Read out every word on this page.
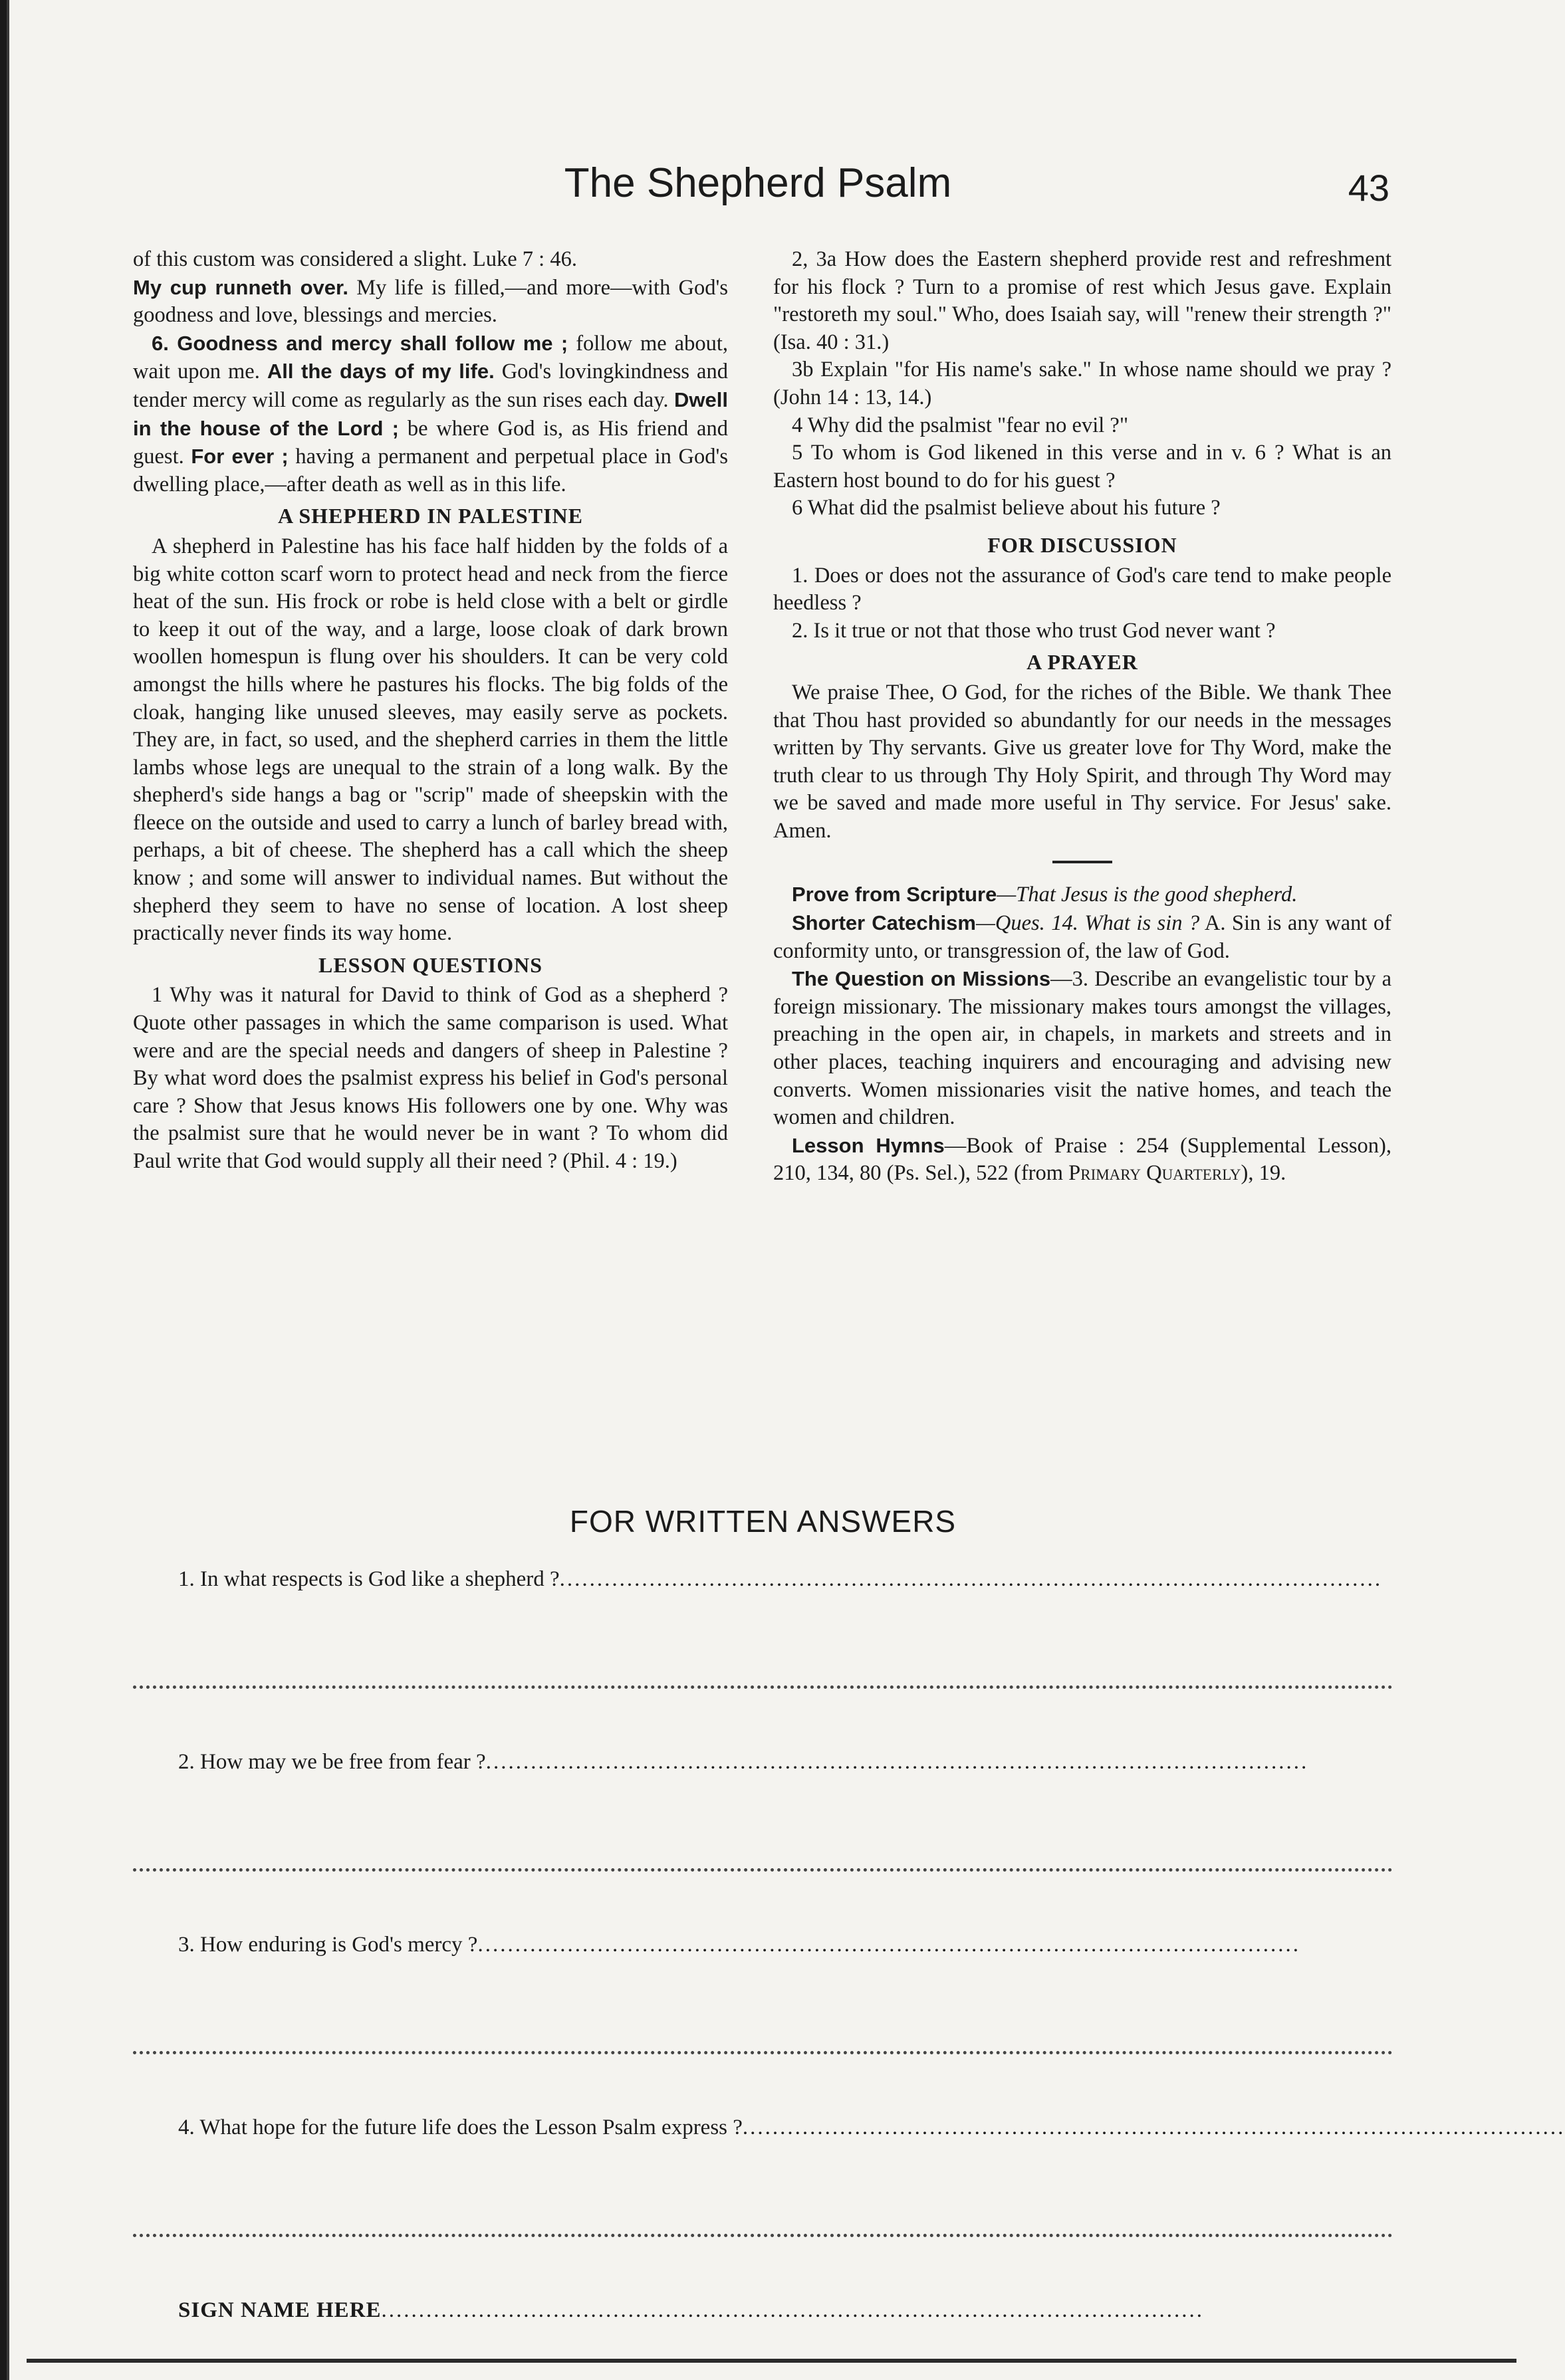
The Shepherd Psalm	43

of this custom was considered a slight. Luke 7 : 46.

My cup runneth over. My life is filled,—and more—with God's goodness and love, blessings and mercies.

6. Goodness and mercy shall follow me ; follow me about, wait upon me. All the days of my life. God's lovingkindness and tender mercy will come as regularly as the sun rises each day. Dwell in the house of the Lord ; be where God is, as His friend and guest. For ever ; having a permanent and perpetual place in God's dwelling place,—after death as well as in this life.

A SHEPHERD IN PALESTINE

A shepherd in Palestine has his face half hidden by the folds of a big white cotton scarf worn to protect head and neck from the fierce heat of the sun. His frock or robe is held close with a belt or girdle to keep it out of the way, and a large, loose cloak of dark brown woollen homespun is flung over his shoulders. It can be very cold amongst the hills where he pastures his flocks. The big folds of the cloak, hanging like unused sleeves, may easily serve as pockets. They are, in fact, so used, and the shepherd carries in them the little lambs whose legs are unequal to the strain of a long walk. By the shepherd's side hangs a bag or "scrip" made of sheepskin with the fleece on the outside and used to carry a lunch of barley bread with, perhaps, a bit of cheese. The shepherd has a call which the sheep know ; and some will answer to individual names. But without the shepherd they seem to have no sense of location. A lost sheep practically never finds its way home.

LESSON QUESTIONS

1 Why was it natural for David to think of God as a shepherd ? Quote other passages in which the same comparison is used. What were and are the special needs and dangers of sheep in Palestine ? By what word does the psalmist express his belief in God's personal care ? Show that Jesus knows His followers one by one. Why was the psalmist sure that he would never be in want ? To whom did Paul write that God would supply all their need ? (Phil. 4 : 19.)

2, 3a How does the Eastern shepherd provide rest and refreshment for his flock ? Turn to a promise of rest which Jesus gave. Explain "restoreth my soul." Who, does Isaiah say, will "renew their strength ?" (Isa. 40 : 31.)

3b Explain "for His name's sake." In whose name should we pray ? (John 14 : 13, 14.)

4 Why did the psalmist "fear no evil ?"

5 To whom is God likened in this verse and in v. 6 ? What is an Eastern host bound to do for his guest ?

6 What did the psalmist believe about his future ?

FOR DISCUSSION

1. Does or does not the assurance of God's care tend to make people heedless ?

2. Is it true or not that those who trust God never want ?

A PRAYER

We praise Thee, O God, for the riches of the Bible. We thank Thee that Thou hast provided so abundantly for our needs in the messages written by Thy servants. Give us greater love for Thy Word, make the truth clear to us through Thy Holy Spirit, and through Thy Word may we be saved and made more useful in Thy service. For Jesus' sake. Amen.

Prove from Scripture—That Jesus is the good shepherd.

Shorter Catechism—Ques. 14. What is sin ? A. Sin is any want of conformity unto, or transgression of, the law of God.

The Question on Missions—3. Describe an evangelistic tour by a foreign missionary. The missionary makes tours amongst the villages, preaching in the open air, in chapels, in markets and streets and in other places, teaching inquirers and encouraging and advising new converts. Women missionaries visit the native homes, and teach the women and children.

Lesson Hymns—Book of Praise : 254 (Supplemental Lesson), 210, 134, 80 (Ps. Sel.), 522 (from Primary Quarterly), 19.

FOR WRITTEN ANSWERS
1. In what respects is God like a shepherd ?..............................................................................................................
2. How may we be free from fear ?..............................................................................................................
3. How enduring is God's mercy ?..............................................................................................................
4. What hope for the future life does the Lesson Psalm express ?..............................................................................................................
SIGN NAME HERE..............................................................................................................
